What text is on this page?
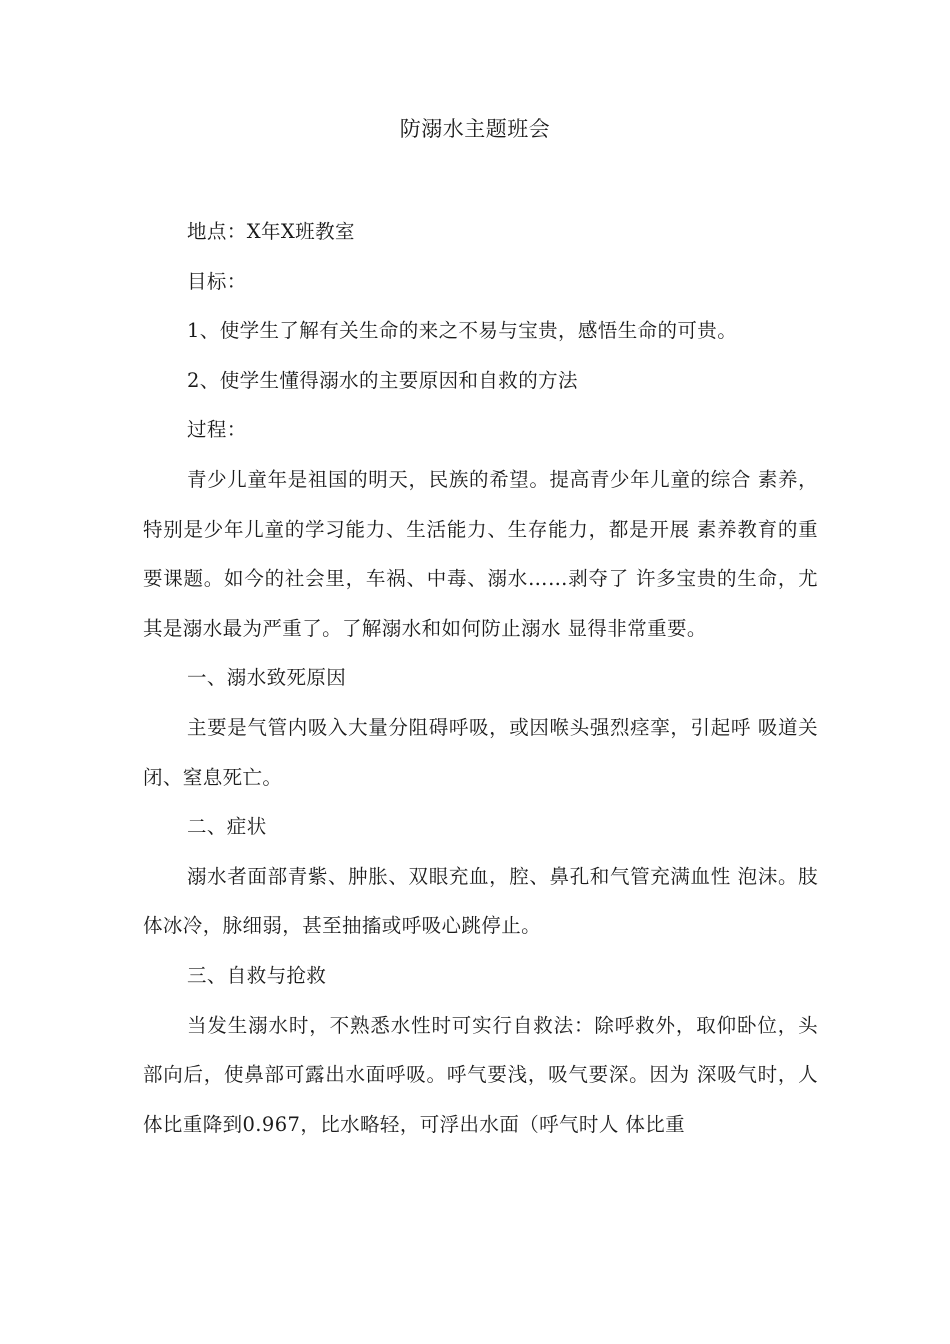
防溺水主题班会

地点：X年X班教室

目标：

1、使学生了解有关生命的来之不易与宝贵，感悟生命的可贵。

2、使学生懂得溺水的主要原因和自救的方法

过程：

青少儿童年是祖国的明天，民族的希望。提高青少年儿童的综合 素养，特别是少年儿童的学习能力、生活能力、生存能力，都是开展 素养教育的重要课题。如今的社会里，车祸、中毒、溺水……剥夺了 许多宝贵的生命，尤其是溺水最为严重了。了解溺水和如何防止溺水 显得非常重要。

一、溺水致死原因

主要是气管内吸入大量分阻碍呼吸，或因喉头强烈痉挛，引起呼 吸道关闭、窒息死亡。

二、症状

溺水者面部青紫、肿胀、双眼充血，腔、鼻孔和气管充满血性 泡沫。肢体冰冷，脉细弱，甚至抽搐或呼吸心跳停止。

三、自救与抢救

当发生溺水时，不熟悉水性时可实行自救法：除呼救外，取仰卧位，头部向后，使鼻部可露出水面呼吸。呼气要浅，吸气要深。因为 深吸气时，人体比重降到0.967，比水略轻，可浮出水面（呼气时人 体比重
